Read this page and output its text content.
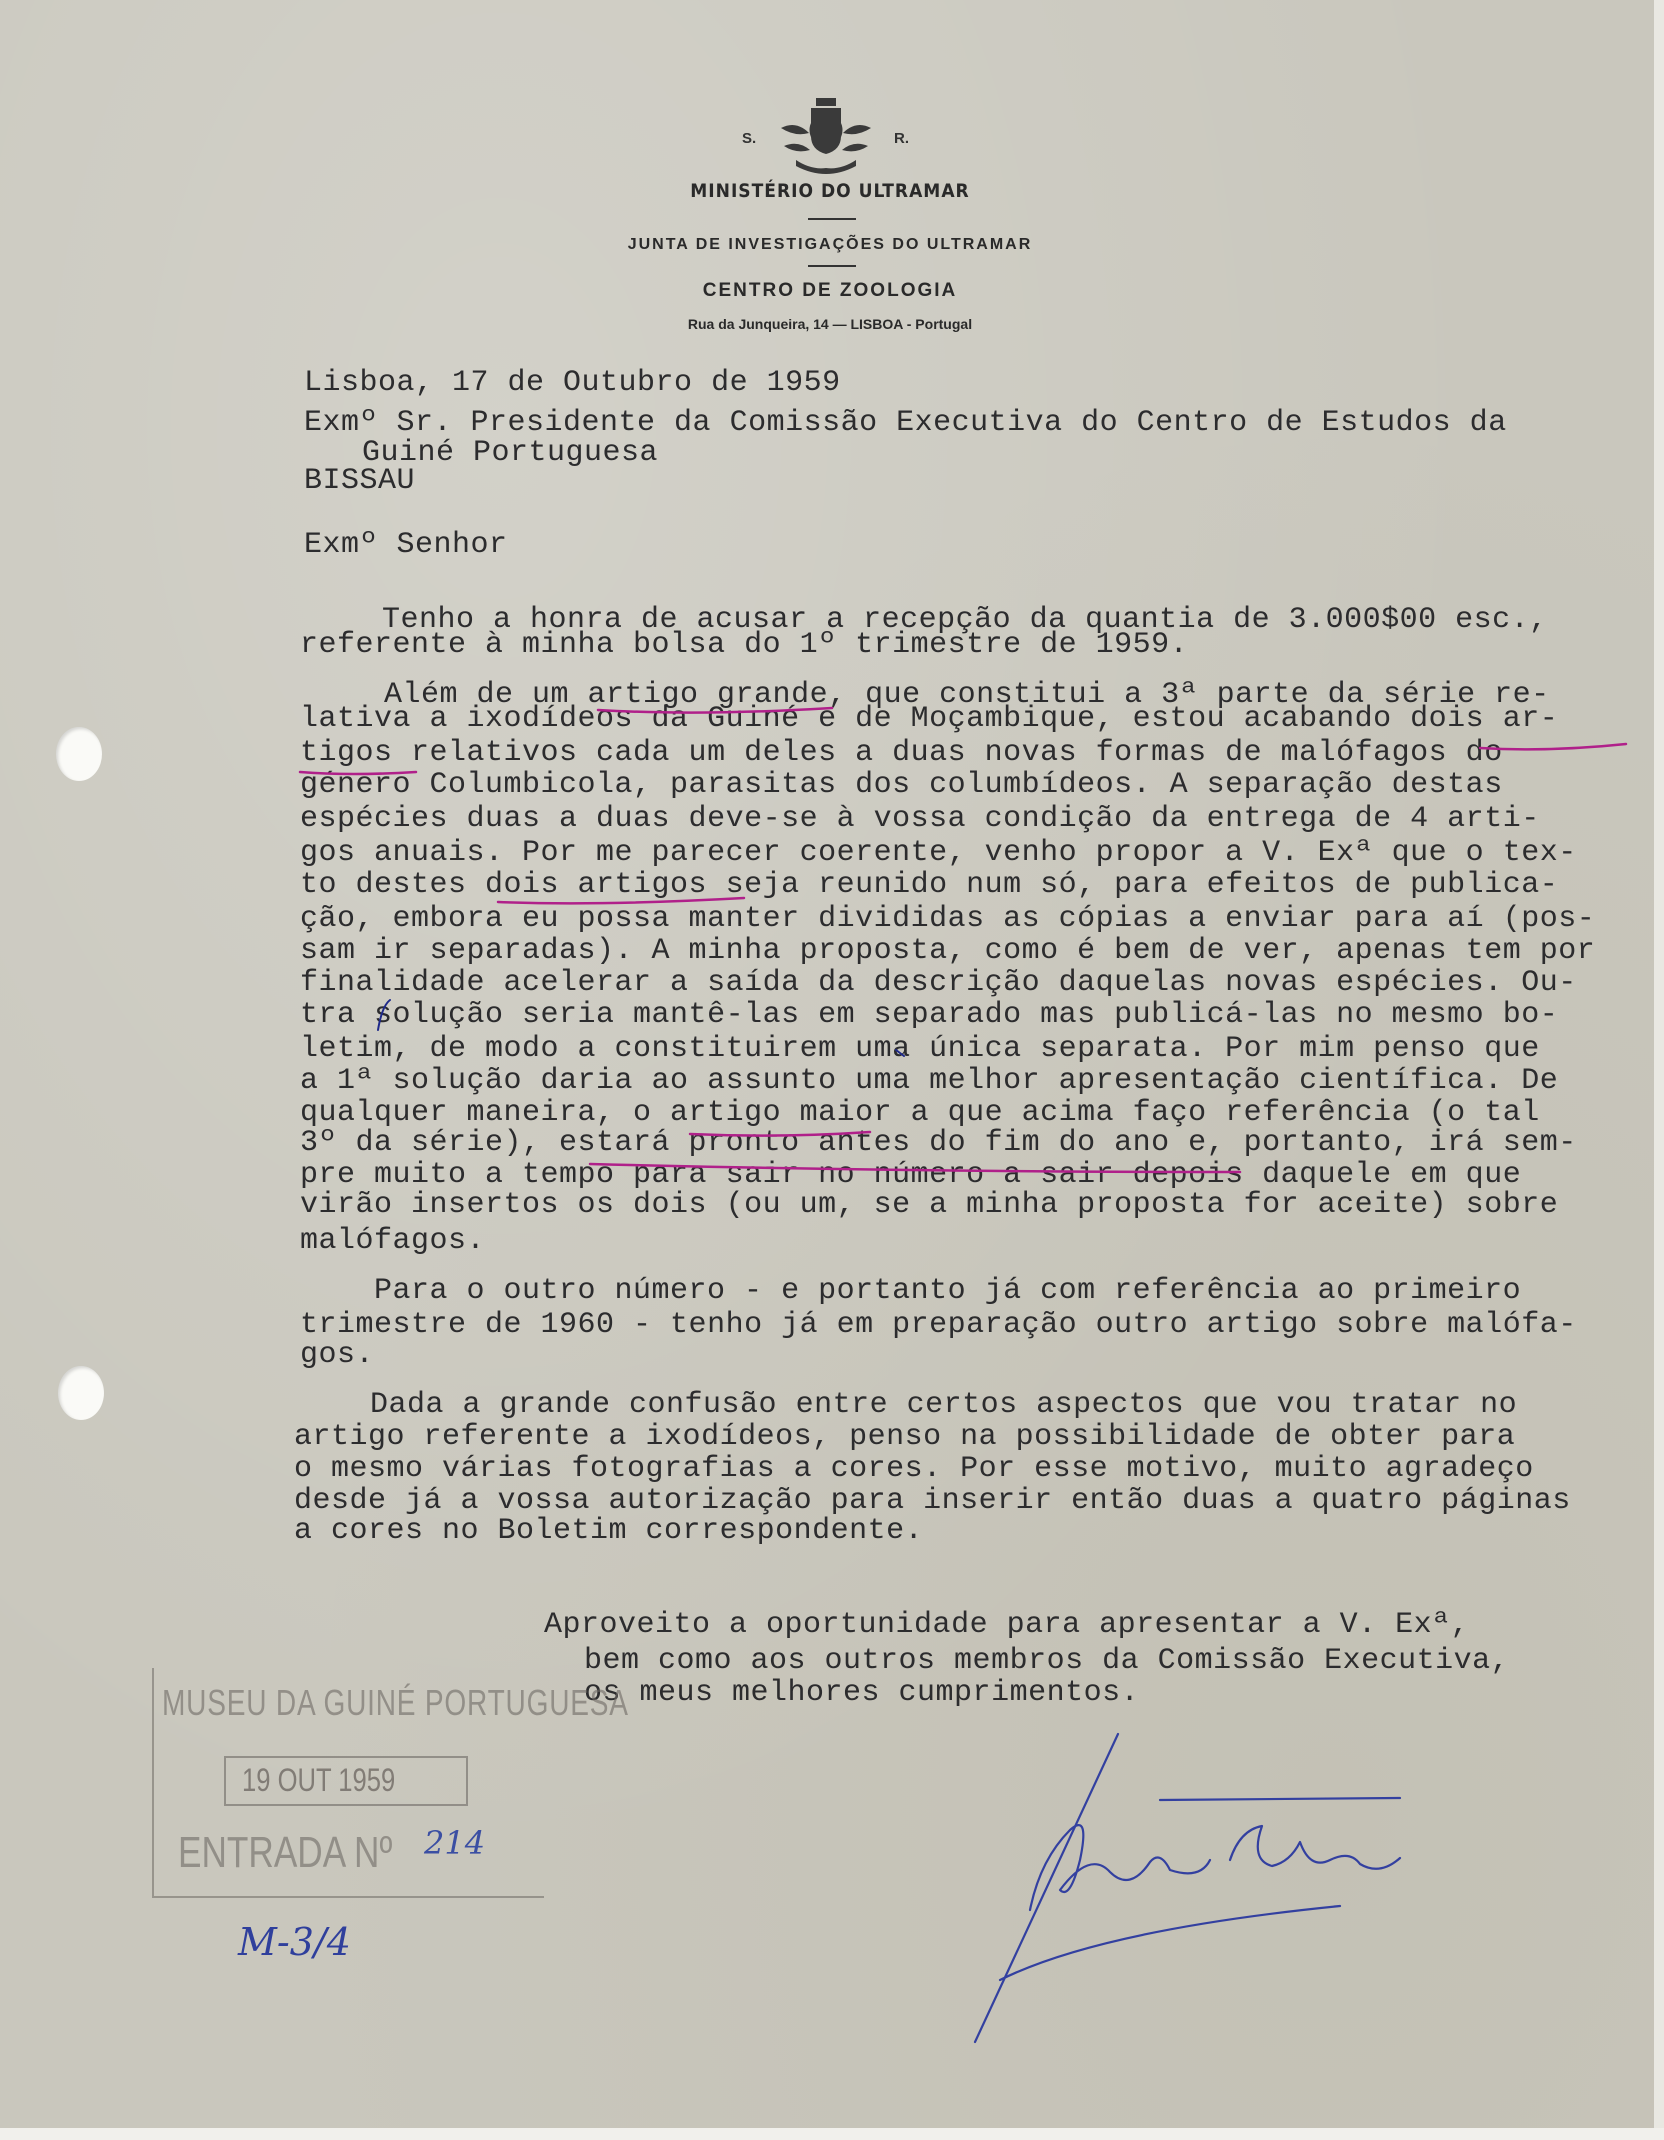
S.	R.
MINISTÉRIO DO ULTRAMAR
JUNTA DE INVESTIGAÇÕES DO ULTRAMAR
CENTRO DE ZOOLOGIA
Rua da Junqueira, 14 — LISBOA - Portugal
Lisboa, 17 de Outubro de 1959
Exmº Sr. Presidente da Comissão Executiva do Centro de Estudos da
Guiné Portuguesa
BISSAU
Exmº Senhor
Tenho a honra de acusar a recepção da quantia de 3.000$00 esc.,
referente à minha bolsa do 1º trimestre de 1959.
Além de um artigo grande, que constitui a 3ª parte da série re-
lativa a ixodídeos da Guiné e de Moçambique, estou acabando dois ar-
tigos relativos cada um deles a duas novas formas de malófagos do
género Columbicola, parasitas dos columbídeos. A separação destas
espécies duas a duas deve-se à vossa condição da entrega de 4 arti-
gos anuais. Por me parecer coerente, venho propor a V. Exª que o tex-
to destes dois artigos seja reunido num só, para efeitos de publica-
ção, embora eu possa manter divididas as cópias a enviar para aí (pos-
sam ir separadas). A minha proposta, como é bem de ver, apenas tem por
finalidade acelerar a saída da descrição daquelas novas espécies. Ou-
tra solução seria mantê-las em separado mas publicá-las no mesmo bo-
letim, de modo a constituirem uma única separata. Por mim penso que
a 1ª solução daria ao assunto uma melhor apresentação científica. De
qualquer maneira, o artigo maior a que acima faço referência (o tal
3º da série), estará pronto antes do fim do ano e, portanto, irá sem-
pre muito a tempo para sair no número a sair depois daquele em que
virão insertos os dois (ou um, se a minha proposta for aceite) sobre
malófagos.
Para o outro número - e portanto já com referência ao primeiro
trimestre de 1960 - tenho já em preparação outro artigo sobre malófa-
gos.
Dada a grande confusão entre certos aspectos que vou tratar no
artigo referente a ixodídeos, penso na possibilidade de obter para
o mesmo várias fotografias a cores. Por esse motivo, muito agradeço
desde já a vossa autorização para inserir então duas a quatro páginas
a cores no Boletim correspondente.
Aproveito a oportunidade para apresentar a V. Exª,
bem como aos outros membros da Comissão Executiva,
os meus melhores cumprimentos.
MUSEU DA GUINÉ PORTUGUESA
19 OUT 1959
ENTRADA Nº 214
M-3/4
